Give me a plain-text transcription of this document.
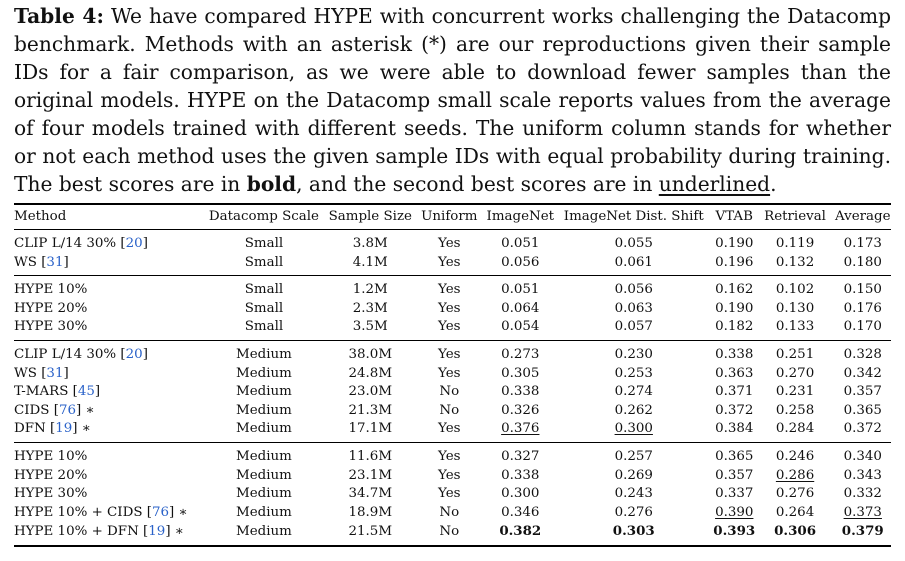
Table 4: We have compared HYPE with concurrent works challenging the Datacomp benchmark. Methods with an asterisk (*) are our reproductions given their sample IDs for a fair comparison, as we were able to download fewer samples than the original models. HYPE on the Datacomp small scale reports values from the average of four models trained with different seeds. The uniform column stands for whether or not each method uses the given sample IDs with equal probability during training. The best scores are in bold, and the second best scores are in underlined.

Method	Datacomp Scale	Sample Size	Uniform	ImageNet	ImageNet Dist. Shift	VTAB	Retrieval	Average
CLIP L/14 30% [20]	Small	3.8M	Yes	0.051	0.055	0.190	0.119	0.173
WS [31]	Small	4.1M	Yes	0.056	0.061	0.196	0.132	0.180
HYPE 10%	Small	1.2M	Yes	0.051	0.056	0.162	0.102	0.150
HYPE 20%	Small	2.3M	Yes	0.064	0.063	0.190	0.130	0.176
HYPE 30%	Small	3.5M	Yes	0.054	0.057	0.182	0.133	0.170
CLIP L/14 30% [20]	Medium	38.0M	Yes	0.273	0.230	0.338	0.251	0.328
WS [31]	Medium	24.8M	Yes	0.305	0.253	0.363	0.270	0.342
T-MARS [45]	Medium	23.0M	No	0.338	0.274	0.371	0.231	0.357
CIDS [76] ∗	Medium	21.3M	No	0.326	0.262	0.372	0.258	0.365
DFN [19] ∗	Medium	17.1M	Yes	0.376	0.300	0.384	0.284	0.372
HYPE 10%	Medium	11.6M	Yes	0.327	0.257	0.365	0.246	0.340
HYPE 20%	Medium	23.1M	Yes	0.338	0.269	0.357	0.286	0.343
HYPE 30%	Medium	34.7M	Yes	0.300	0.243	0.337	0.276	0.332
HYPE 10% + CIDS [76] ∗	Medium	18.9M	No	0.346	0.276	0.390	0.264	0.373
HYPE 10% + DFN [19] ∗	Medium	21.5M	No	0.382	0.303	0.393	0.306	0.379
